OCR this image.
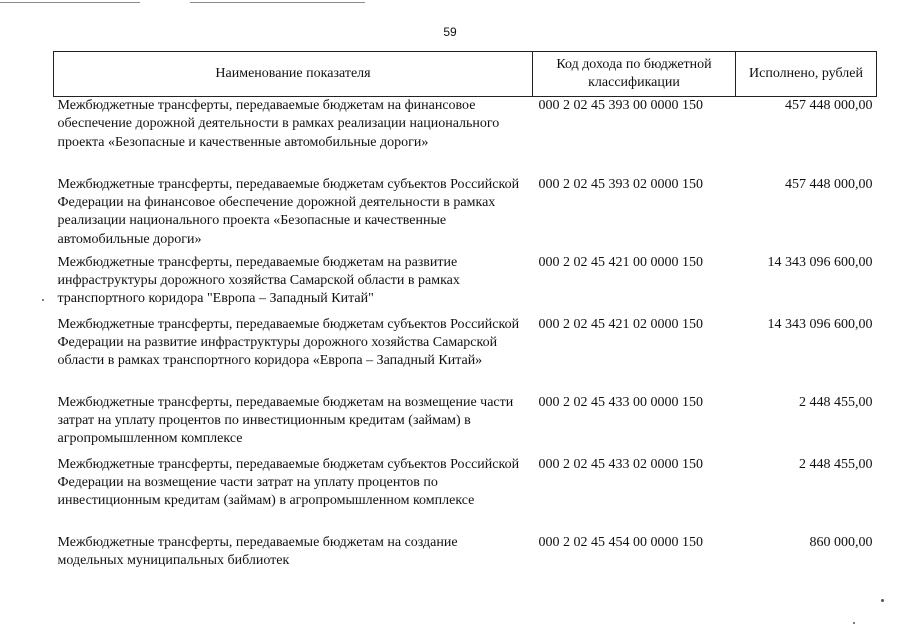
59
Наименование показателя	Код дохода по бюджетной классификации	Исполнено, рублей
Межбюджетные трансферты, передаваемые бюджетам на финансовое обеспечение дорожной деятельности в рамках реализации национального проекта «Безопасные и качественные автомобильные дороги»	000 2 02 45 393 00 0000 150	457 448 000,00
Межбюджетные трансферты, передаваемые бюджетам субъектов Российской Федерации на финансовое обеспечение дорожной деятельности в рамках реализации национального проекта «Безопасные и качественные автомобильные дороги»	000 2 02 45 393 02 0000 150	457 448 000,00
Межбюджетные трансферты, передаваемые бюджетам на развитие инфраструктуры дорожного хозяйства Самарской области в рамках транспортного коридора "Европа – Западный Китай"	000 2 02 45 421 00 0000 150	14 343 096 600,00
Межбюджетные трансферты, передаваемые бюджетам субъектов Российской Федерации на развитие инфраструктуры дорожного хозяйства Самарской области в рамках транспортного коридора «Европа – Западный Китай»	000 2 02 45 421 02 0000 150	14 343 096 600,00
Межбюджетные трансферты, передаваемые бюджетам на возмещение части затрат на уплату процентов по инвестиционным кредитам (займам) в агропромышленном комплексе	000 2 02 45 433 00 0000 150	2 448 455,00
Межбюджетные трансферты, передаваемые бюджетам субъектов Российской Федерации на возмещение части затрат на уплату процентов по инвестиционным кредитам (займам) в агропромышленном комплексе	000 2 02 45 433 02 0000 150	2 448 455,00
Межбюджетные трансферты, передаваемые бюджетам на создание модельных муниципальных библиотек	000 2 02 45 454 00 0000 150	860 000,00
